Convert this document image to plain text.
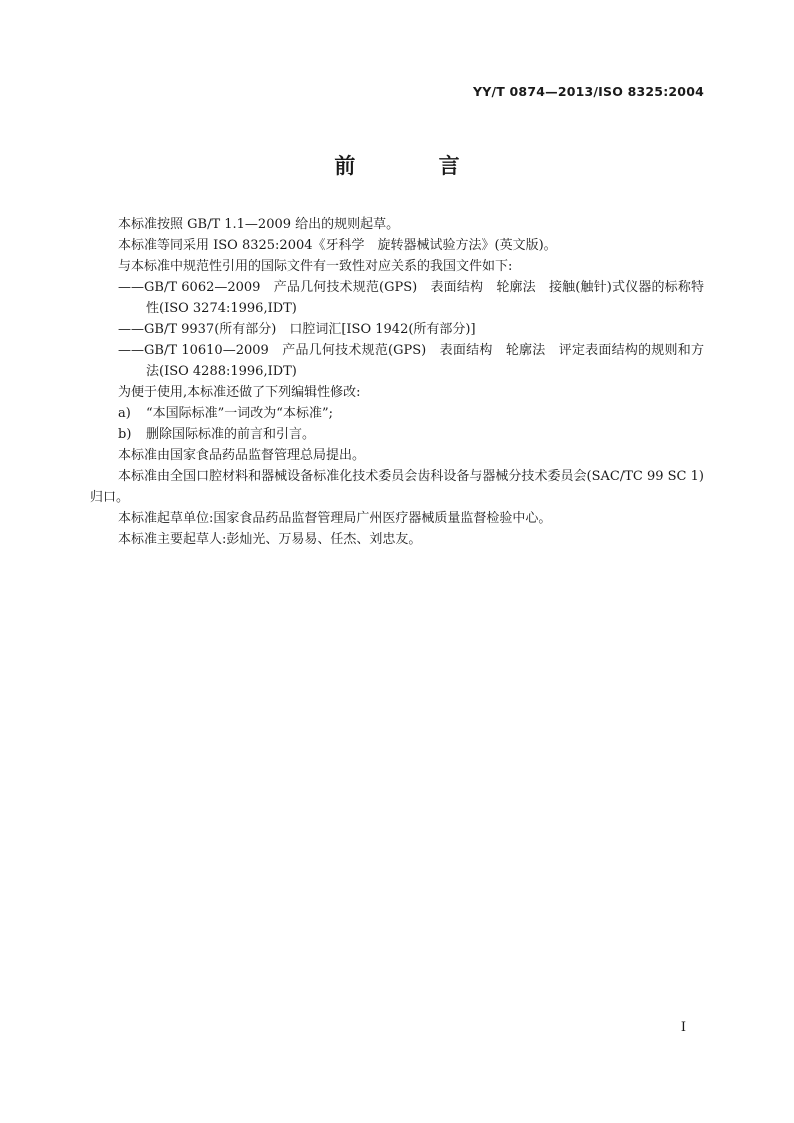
YY/T 0874—2013/ISO 8325:2004
前 言

本标准按照 GB/T 1.1—2009 给出的规则起草。

本标准等同采用 ISO 8325:2004《牙科学　旋转器械试验方法》(英文版)。

与本标准中规范性引用的国际文件有一致性对应关系的我国文件如下:

——GB/T 6062—2009　产品几何技术规范(GPS)　表面结构　轮廓法　接触(触针)式仪器的标称特性(ISO 3274:1996,IDT)

——GB/T 9937(所有部分)　口腔词汇[ISO 1942(所有部分)]

——GB/T 10610—2009　产品几何技术规范(GPS)　表面结构　轮廓法　评定表面结构的规则和方法(ISO 4288:1996,IDT)

为便于使用,本标准还做了下列编辑性修改:

a) “本国际标准”一词改为“本标准”;

b) 删除国际标准的前言和引言。

本标准由国家食品药品监督管理总局提出。

本标准由全国口腔材料和器械设备标准化技术委员会齿科设备与器械分技术委员会(SAC/TC 99 SC 1)归口。

本标准起草单位:国家食品药品监督管理局广州医疗器械质量监督检验中心。

本标准主要起草人:彭灿光、万易易、任杰、刘忠友。

I
